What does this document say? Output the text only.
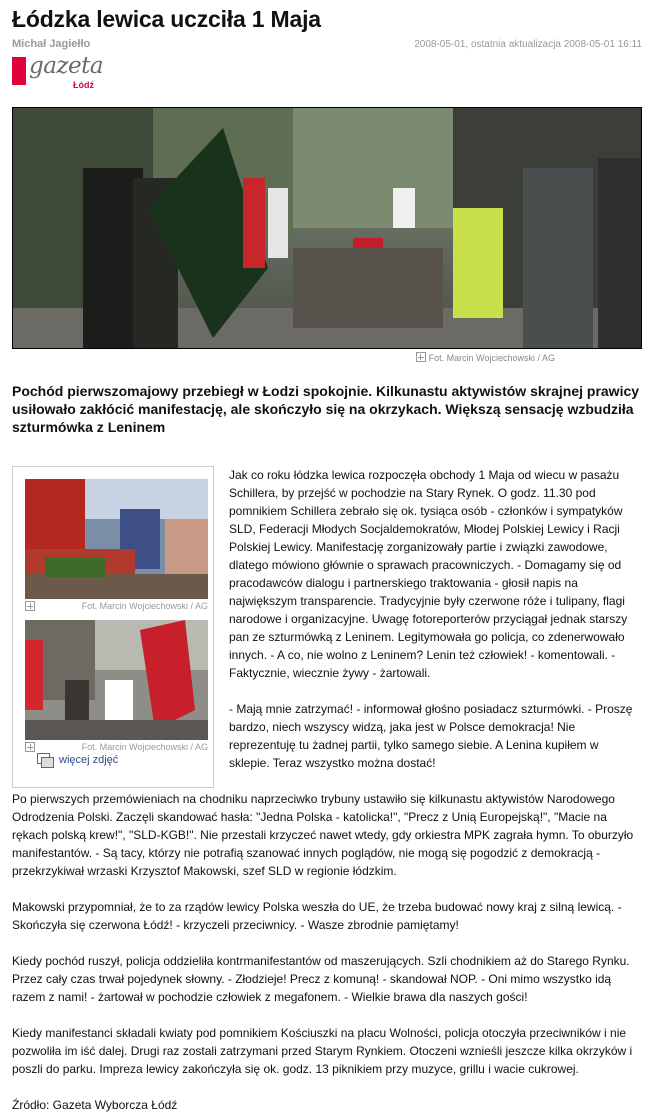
Łódzka lewica uczciła 1 Maja
Michał Jagiełło	2008-05-01, ostatnia aktualizacja 2008-05-01 16:11
gazeta
Łódź
Fot. Marcin Wojciechowski / AG

Pochód pierwszomajowy przebiegł w Łodzi spokojnie. Kilkunastu aktywistów skrajnej prawicy usiłowało zakłócić manifestację, ale skończyło się na okrzykach. Większą sensację wzbudziła szturmówka z Leninem

Fot. Marcin Wojciechowski / AG
Fot. Marcin Wojciechowski / AG
więcej zdjęć

Jak co roku łódzka lewica rozpoczęła obchody 1 Maja od wiecu w pasażu Schillera, by przejść w pochodzie na Stary Rynek. O godz. 11.30 pod pomnikiem Schillera zebrało się ok. tysiąca osób - członków i sympatyków SLD, Federacji Młodych Socjaldemokratów, Młodej Polskiej Lewicy i Racji Polskiej Lewicy. Manifestację zorganizowały partie i związki zawodowe, dlatego mówiono głównie o sprawach pracowniczych. - Domagamy się od pracodawców dialogu i partnerskiego traktowania - głosił napis na największym transparencie. Tradycyjnie były czerwone róże i tulipany, flagi narodowe i organizacyjne. Uwagę fotoreporterów przyciągał jednak starszy pan ze szturmówką z Leninem. Legitymowała go policja, co zdenerwowało innych. - A co, nie wolno z Leninem? Lenin też człowiek! - komentowali. - Faktycznie, wiecznie żywy - żartowali.

- Mają mnie zatrzymać! - informował głośno posiadacz szturmówki. - Proszę bardzo, niech wszyscy widzą, jaka jest w Polsce demokracja! Nie reprezentuję tu żadnej partii, tylko samego siebie. A Lenina kupiłem w sklepie. Teraz wszystko można dostać!

Po pierwszych przemówieniach na chodniku naprzeciwko trybuny ustawiło się kilkunastu aktywistów Narodowego Odrodzenia Polski. Zaczęli skandować hasła: "Jedna Polska - katolicka!", "Precz z Unią Europejską!", "Macie na rękach polską krew!", "SLD-KGB!". Nie przestali krzyczeć nawet wtedy, gdy orkiestra MPK zagrała hymn. To oburzyło manifestantów. - Są tacy, którzy nie potrafią szanować innych poglądów, nie mogą się pogodzić z demokracją - przekrzykiwał wrzaski Krzysztof Makowski, szef SLD w regionie łódzkim.

Makowski przypomniał, że to za rządów lewicy Polska weszła do UE, że trzeba budować nowy kraj z silną lewicą. - Skończyła się czerwona Łódź! - krzyczeli przeciwnicy. - Wasze zbrodnie pamiętamy!

Kiedy pochód ruszył, policja oddzieliła kontrmanifestantów od maszerujących. Szli chodnikiem aż do Starego Rynku. Przez cały czas trwał pojedynek słowny. - Złodzieje! Precz z komuną! - skandował NOP. - Oni mimo wszystko idą razem z nami! - żartował w pochodzie człowiek z megafonem. - Wielkie brawa dla naszych gości!

Kiedy manifestanci składali kwiaty pod pomnikiem Kościuszki na placu Wolności, policja otoczyła przeciwników i nie pozwoliła im iść dalej. Drugi raz zostali zatrzymani przed Starym Rynkiem. Otoczeni wznieśli jeszcze kilka okrzyków i poszli do parku. Impreza lewicy zakończyła się ok. godz. 13 piknikiem przy muzyce, grillu i wacie cukrowej.

Źródło: Gazeta Wyborcza Łódź
